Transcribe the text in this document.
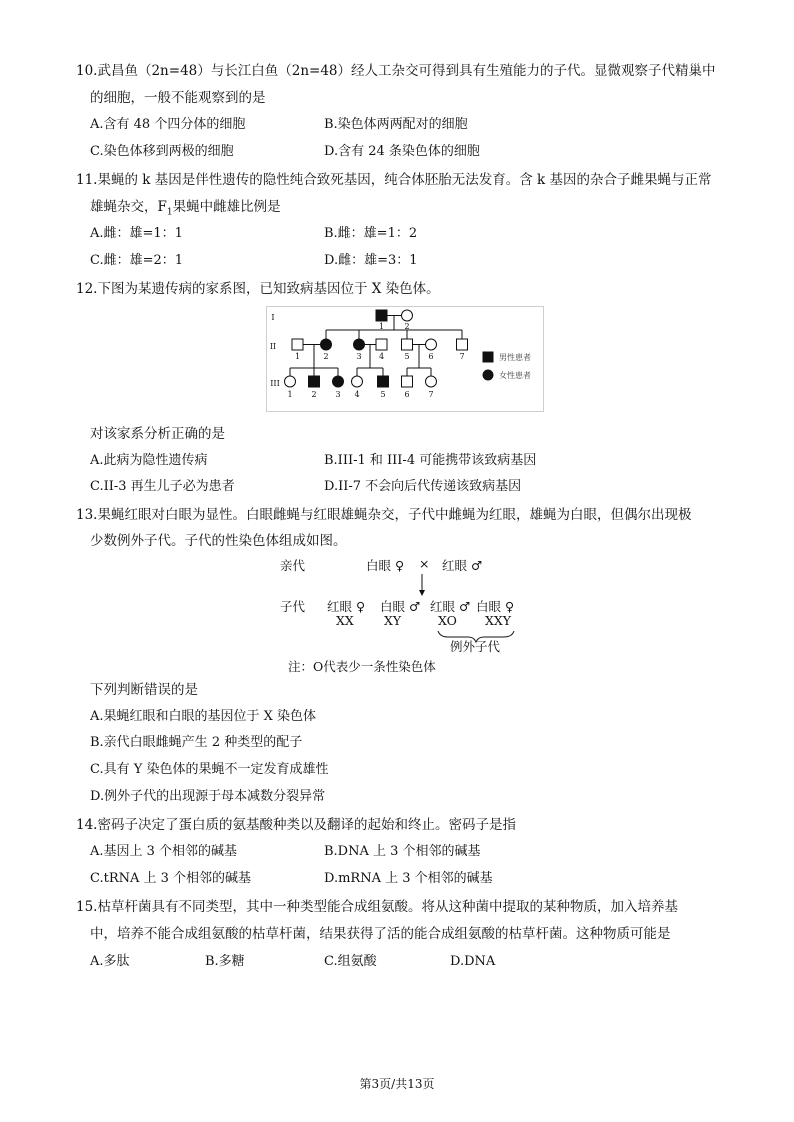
10.武昌鱼（2n=48）与长江白鱼（2n=48）经人工杂交可得到具有生殖能力的子代。显微观察子代精巢中
的细胞，一般不能观察到的是
A.含有 48 个四分体的细胞	B.染色体两两配对的细胞
C.染色体移到两极的细胞	D.含有 24 条染色体的细胞
11.果蝇的 k 基因是伴性遗传的隐性纯合致死基因，纯合体胚胎无法发育。含 k 基因的杂合子雌果蝇与正常
雄蝇杂交，$F_1$果蝇中雌雄比例是
A.雌：雄=1：1	B.雌：雄=1：2
C.雌：雄=2：1	D.雌：雄=3：1
12.下图为某遗传病的家系图，已知致病基因位于 X 染色体。
I
II
III
1	2
1	2	3 4	5 6	7
1 2 3 4	5 6 7
男性患者
女性患者
对该家系分析正确的是
A.此病为隐性遗传病	B.III-1 和 III-4 可能携带该致病基因
C.II-3 再生儿子必为患者	D.II-7 不会向后代传递该致病基因
13.果蝇红眼对白眼为显性。白眼雌蝇与红眼雄蝇杂交，子代中雌蝇为红眼，雄蝇为白眼，但偶尔出现极
少数例外子代。子代的性染色体组成如图。
亲代	白眼 ♀ × 红眼 ♂
子代 红眼 ♀ 白眼 ♂ 红眼 ♂ 白眼 ♀
XX XY	XO XXY
例外子代
注：O代表少一条性染色体
下列判断错误的是
A.果蝇红眼和白眼的基因位于 X 染色体
B.亲代白眼雌蝇产生 2 种类型的配子
C.具有 Y 染色体的果蝇不一定发育成雄性
D.例外子代的出现源于母本减数分裂异常
14.密码子决定了蛋白质的氨基酸种类以及翻译的起始和终止。密码子是指
A.基因上 3 个相邻的碱基	B.DNA 上 3 个相邻的碱基
C.tRNA 上 3 个相邻的碱基	D.mRNA 上 3 个相邻的碱基
15.枯草杆菌具有不同类型，其中一种类型能合成组氨酸。将从这种菌中提取的某种物质，加入培养基
中，培养不能合成组氨酸的枯草杆菌，结果获得了活的能合成组氨酸的枯草杆菌。这种物质可能是
A.多肽	B.多糖	C.组氨酸	D.DNA
第3页/共13页
